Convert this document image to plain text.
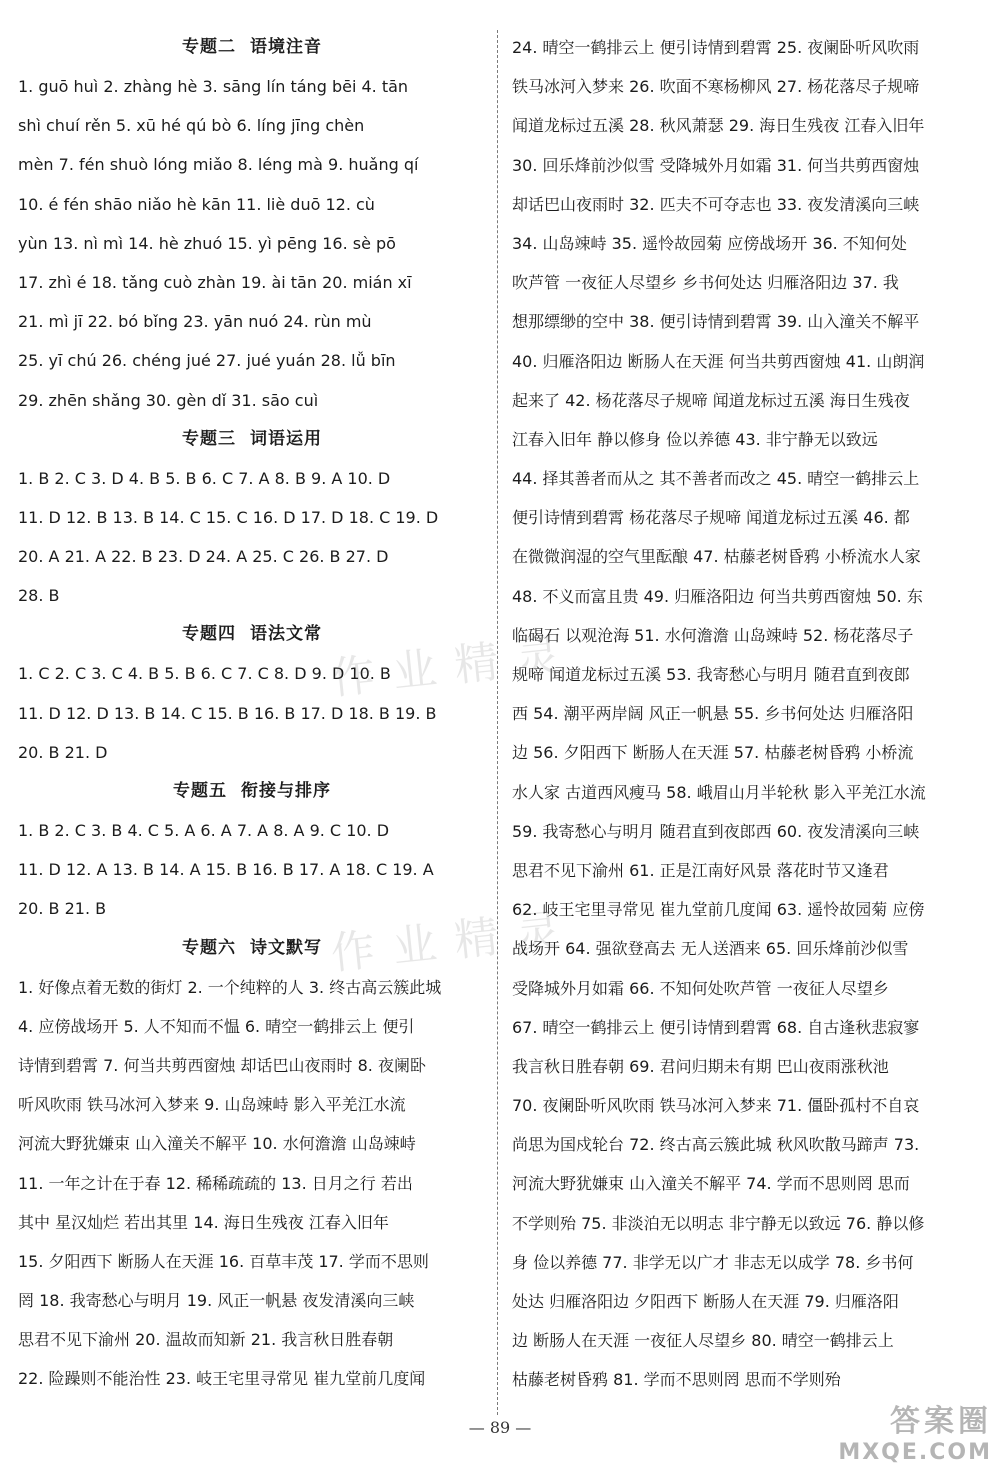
专题二 语境注音
1. guō huì 2. zhàng hè 3. sāng lín táng bēi 4. tān
shì chuí rěn 5. xū hé qú bò 6. líng jīng chèn
mèn 7. fén shuò lóng miǎo 8. léng mà 9. huǎng qí
10. é fén shāo niǎo hè kān 11. liè duō 12. cù
yùn 13. nì mì 14. hè zhuó 15. yì pēng 16. sè pō
17. zhì é 18. tǎng cuò zhàn 19. ài tān 20. mián xī
21. mì jī 22. bó bǐng 23. yān nuó 24. rùn mù
25. yī chú 26. chéng jué 27. jué yuán 28. lǚ bīn
29. zhēn shǎng 30. gèn dǐ 31. sāo cuì
专题三 词语运用
1. B 2. C 3. D 4. B 5. B 6. C 7. A 8. B 9. A 10. D
11. D 12. B 13. B 14. C 15. C 16. D 17. D 18. C 19. D
20. A 21. A 22. B 23. D 24. A 25. C 26. B 27. D
28. B
专题四 语法文常
1. C 2. C 3. C 4. B 5. B 6. C 7. C 8. D 9. D 10. B
11. D 12. D 13. B 14. C 15. B 16. B 17. D 18. B 19. B
20. B 21. D
专题五 衔接与排序
1. B 2. C 3. B 4. C 5. A 6. A 7. A 8. A 9. C 10. D
11. D 12. A 13. B 14. A 15. B 16. B 17. A 18. C 19. A
20. B 21. B
专题六 诗文默写
1. 好像点着无数的街灯 2. 一个纯粹的人 3. 终古高云簇此城
4. 应傍战场开 5. 人不知而不愠 6. 晴空一鹤排云上 便引
诗情到碧霄 7. 何当共剪西窗烛 却话巴山夜雨时 8. 夜阑卧
听风吹雨 铁马冰河入梦来 9. 山岛竦峙 影入平羌江水流
河流大野犹嫌束 山入潼关不解平 10. 水何澹澹 山岛竦峙
11. 一年之计在于春 12. 稀稀疏疏的 13. 日月之行 若出
其中 星汉灿烂 若出其里 14. 海日生残夜 江春入旧年
15. 夕阳西下 断肠人在天涯 16. 百草丰茂 17. 学而不思则
罔 18. 我寄愁心与明月 19. 风正一帆悬 夜发清溪向三峡
思君不见下渝州 20. 温故而知新 21. 我言秋日胜春朝
22. 险躁则不能治性 23. 岐王宅里寻常见 崔九堂前几度闻
24. 晴空一鹤排云上 便引诗情到碧霄 25. 夜阑卧听风吹雨
铁马冰河入梦来 26. 吹面不寒杨柳风 27. 杨花落尽子规啼
闻道龙标过五溪 28. 秋风萧瑟 29. 海日生残夜 江春入旧年
30. 回乐烽前沙似雪 受降城外月如霜 31. 何当共剪西窗烛
却话巴山夜雨时 32. 匹夫不可夺志也 33. 夜发清溪向三峡
34. 山岛竦峙 35. 遥怜故园菊 应傍战场开 36. 不知何处
吹芦管 一夜征人尽望乡 乡书何处达 归雁洛阳边 37. 我
想那缥缈的空中 38. 便引诗情到碧霄 39. 山入潼关不解平
40. 归雁洛阳边 断肠人在天涯 何当共剪西窗烛 41. 山朗润
起来了 42. 杨花落尽子规啼 闻道龙标过五溪 海日生残夜
江春入旧年 静以修身 俭以养德 43. 非宁静无以致远
44. 择其善者而从之 其不善者而改之 45. 晴空一鹤排云上
便引诗情到碧霄 杨花落尽子规啼 闻道龙标过五溪 46. 都
在微微润湿的空气里酝酿 47. 枯藤老树昏鸦 小桥流水人家
48. 不义而富且贵 49. 归雁洛阳边 何当共剪西窗烛 50. 东
临碣石 以观沧海 51. 水何澹澹 山岛竦峙 52. 杨花落尽子
规啼 闻道龙标过五溪 53. 我寄愁心与明月 随君直到夜郎
西 54. 潮平两岸阔 风正一帆悬 55. 乡书何处达 归雁洛阳
边 56. 夕阳西下 断肠人在天涯 57. 枯藤老树昏鸦 小桥流
水人家 古道西风瘦马 58. 峨眉山月半轮秋 影入平羌江水流
59. 我寄愁心与明月 随君直到夜郎西 60. 夜发清溪向三峡
思君不见下渝州 61. 正是江南好风景 落花时节又逢君
62. 岐王宅里寻常见 崔九堂前几度闻 63. 遥怜故园菊 应傍
战场开 64. 强欲登高去 无人送酒来 65. 回乐烽前沙似雪
受降城外月如霜 66. 不知何处吹芦管 一夜征人尽望乡
67. 晴空一鹤排云上 便引诗情到碧霄 68. 自古逢秋悲寂寥
我言秋日胜春朝 69. 君问归期未有期 巴山夜雨涨秋池
70. 夜阑卧听风吹雨 铁马冰河入梦来 71. 僵卧孤村不自哀
尚思为国戍轮台 72. 终古高云簇此城 秋风吹散马蹄声 73.
河流大野犹嫌束 山入潼关不解平 74. 学而不思则罔 思而
不学则殆 75. 非淡泊无以明志 非宁静无以致远 76. 静以修
身 俭以养德 77. 非学无以广才 非志无以成学 78. 乡书何
处达 归雁洛阳边 夕阳西下 断肠人在天涯 79. 归雁洛阳
边 断肠人在天涯 一夜征人尽望乡 80. 晴空一鹤排云上
枯藤老树昏鸦 81. 学而不思则罔 思而不学则殆
作业精灵
作业精灵
— 89 —	答案圈
MXQE.COM
